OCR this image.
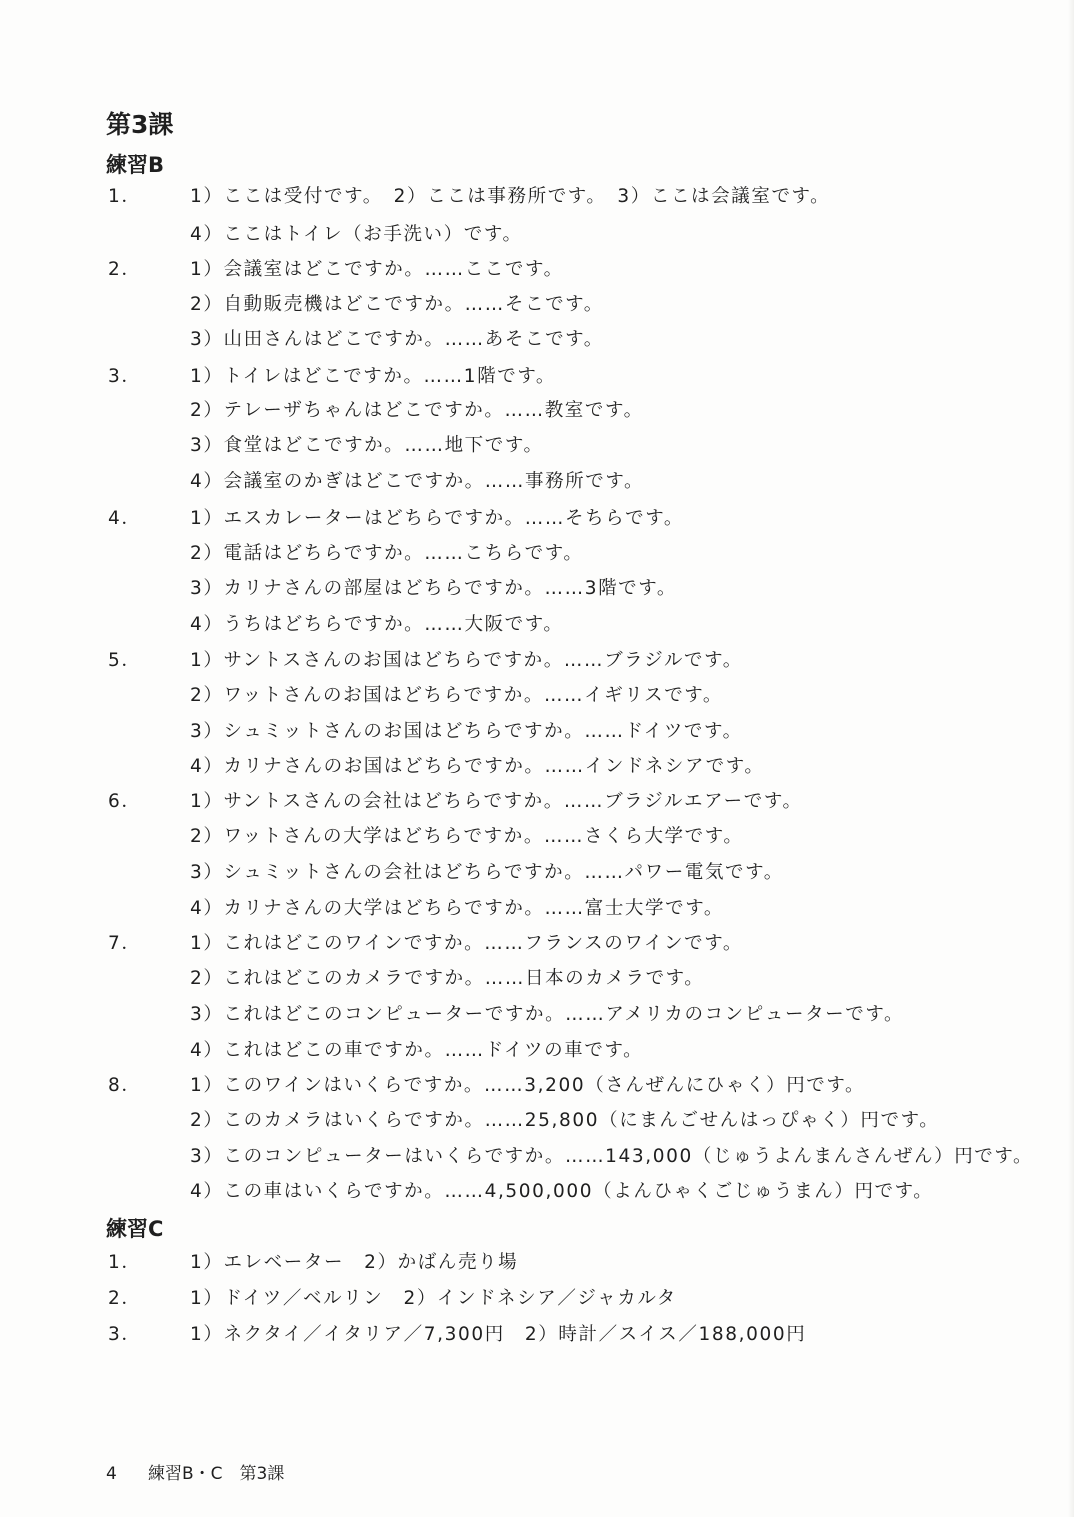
第3課
練習B
1．	1）ここは受付です。　2）ここは事務所です。　3）ここは会議室です。
4）ここはトイレ（お手洗い）です。
2．	1）会議室はどこですか。……ここです。
2）自動販売機はどこですか。……そこです。
3）山田さんはどこですか。……あそこです。
3．	1）トイレはどこですか。……1階です。
2）テレーザちゃんはどこですか。……教室です。
3）食堂はどこですか。……地下です。
4）会議室のかぎはどこですか。……事務所です。
4．	1）エスカレーターはどちらですか。……そちらです。
2）電話はどちらですか。……こちらです。
3）カリナさんの部屋はどちらですか。……3階です。
4）うちはどちらですか。……大阪です。
5．	1）サントスさんのお国はどちらですか。……ブラジルです。
2）ワットさんのお国はどちらですか。……イギリスです。
3）シュミットさんのお国はどちらですか。……ドイツです。
4）カリナさんのお国はどちらですか。……インドネシアです。
6．	1）サントスさんの会社はどちらですか。……ブラジルエアーです。
2）ワットさんの大学はどちらですか。……さくら大学です。
3）シュミットさんの会社はどちらですか。……パワー電気です。
4）カリナさんの大学はどちらですか。……富士大学です。
7．	1）これはどこのワインですか。……フランスのワインです。
2）これはどこのカメラですか。……日本のカメラです。
3）これはどこのコンピューターですか。……アメリカのコンピューターです。
4）これはどこの車ですか。……ドイツの車です。
8．	1）このワインはいくらですか。……3,200（さんぜんにひゃく）円です。
2）このカメラはいくらですか。……25,800（にまんごせんはっぴゃく）円です。
3）このコンピューターはいくらですか。……143,000（じゅうよんまんさんぜん）円です。
4）この車はいくらですか。……4,500,000（よんひゃくごじゅうまん）円です。
練習C
1．	1）エレベーター　2）かばん売り場
2．	1）ドイツ／ベルリン　2）インドネシア／ジャカルタ
3．	1）ネクタイ／イタリア／7,300円　2）時計／スイス／188,000円
4 練習B・C　第3課
